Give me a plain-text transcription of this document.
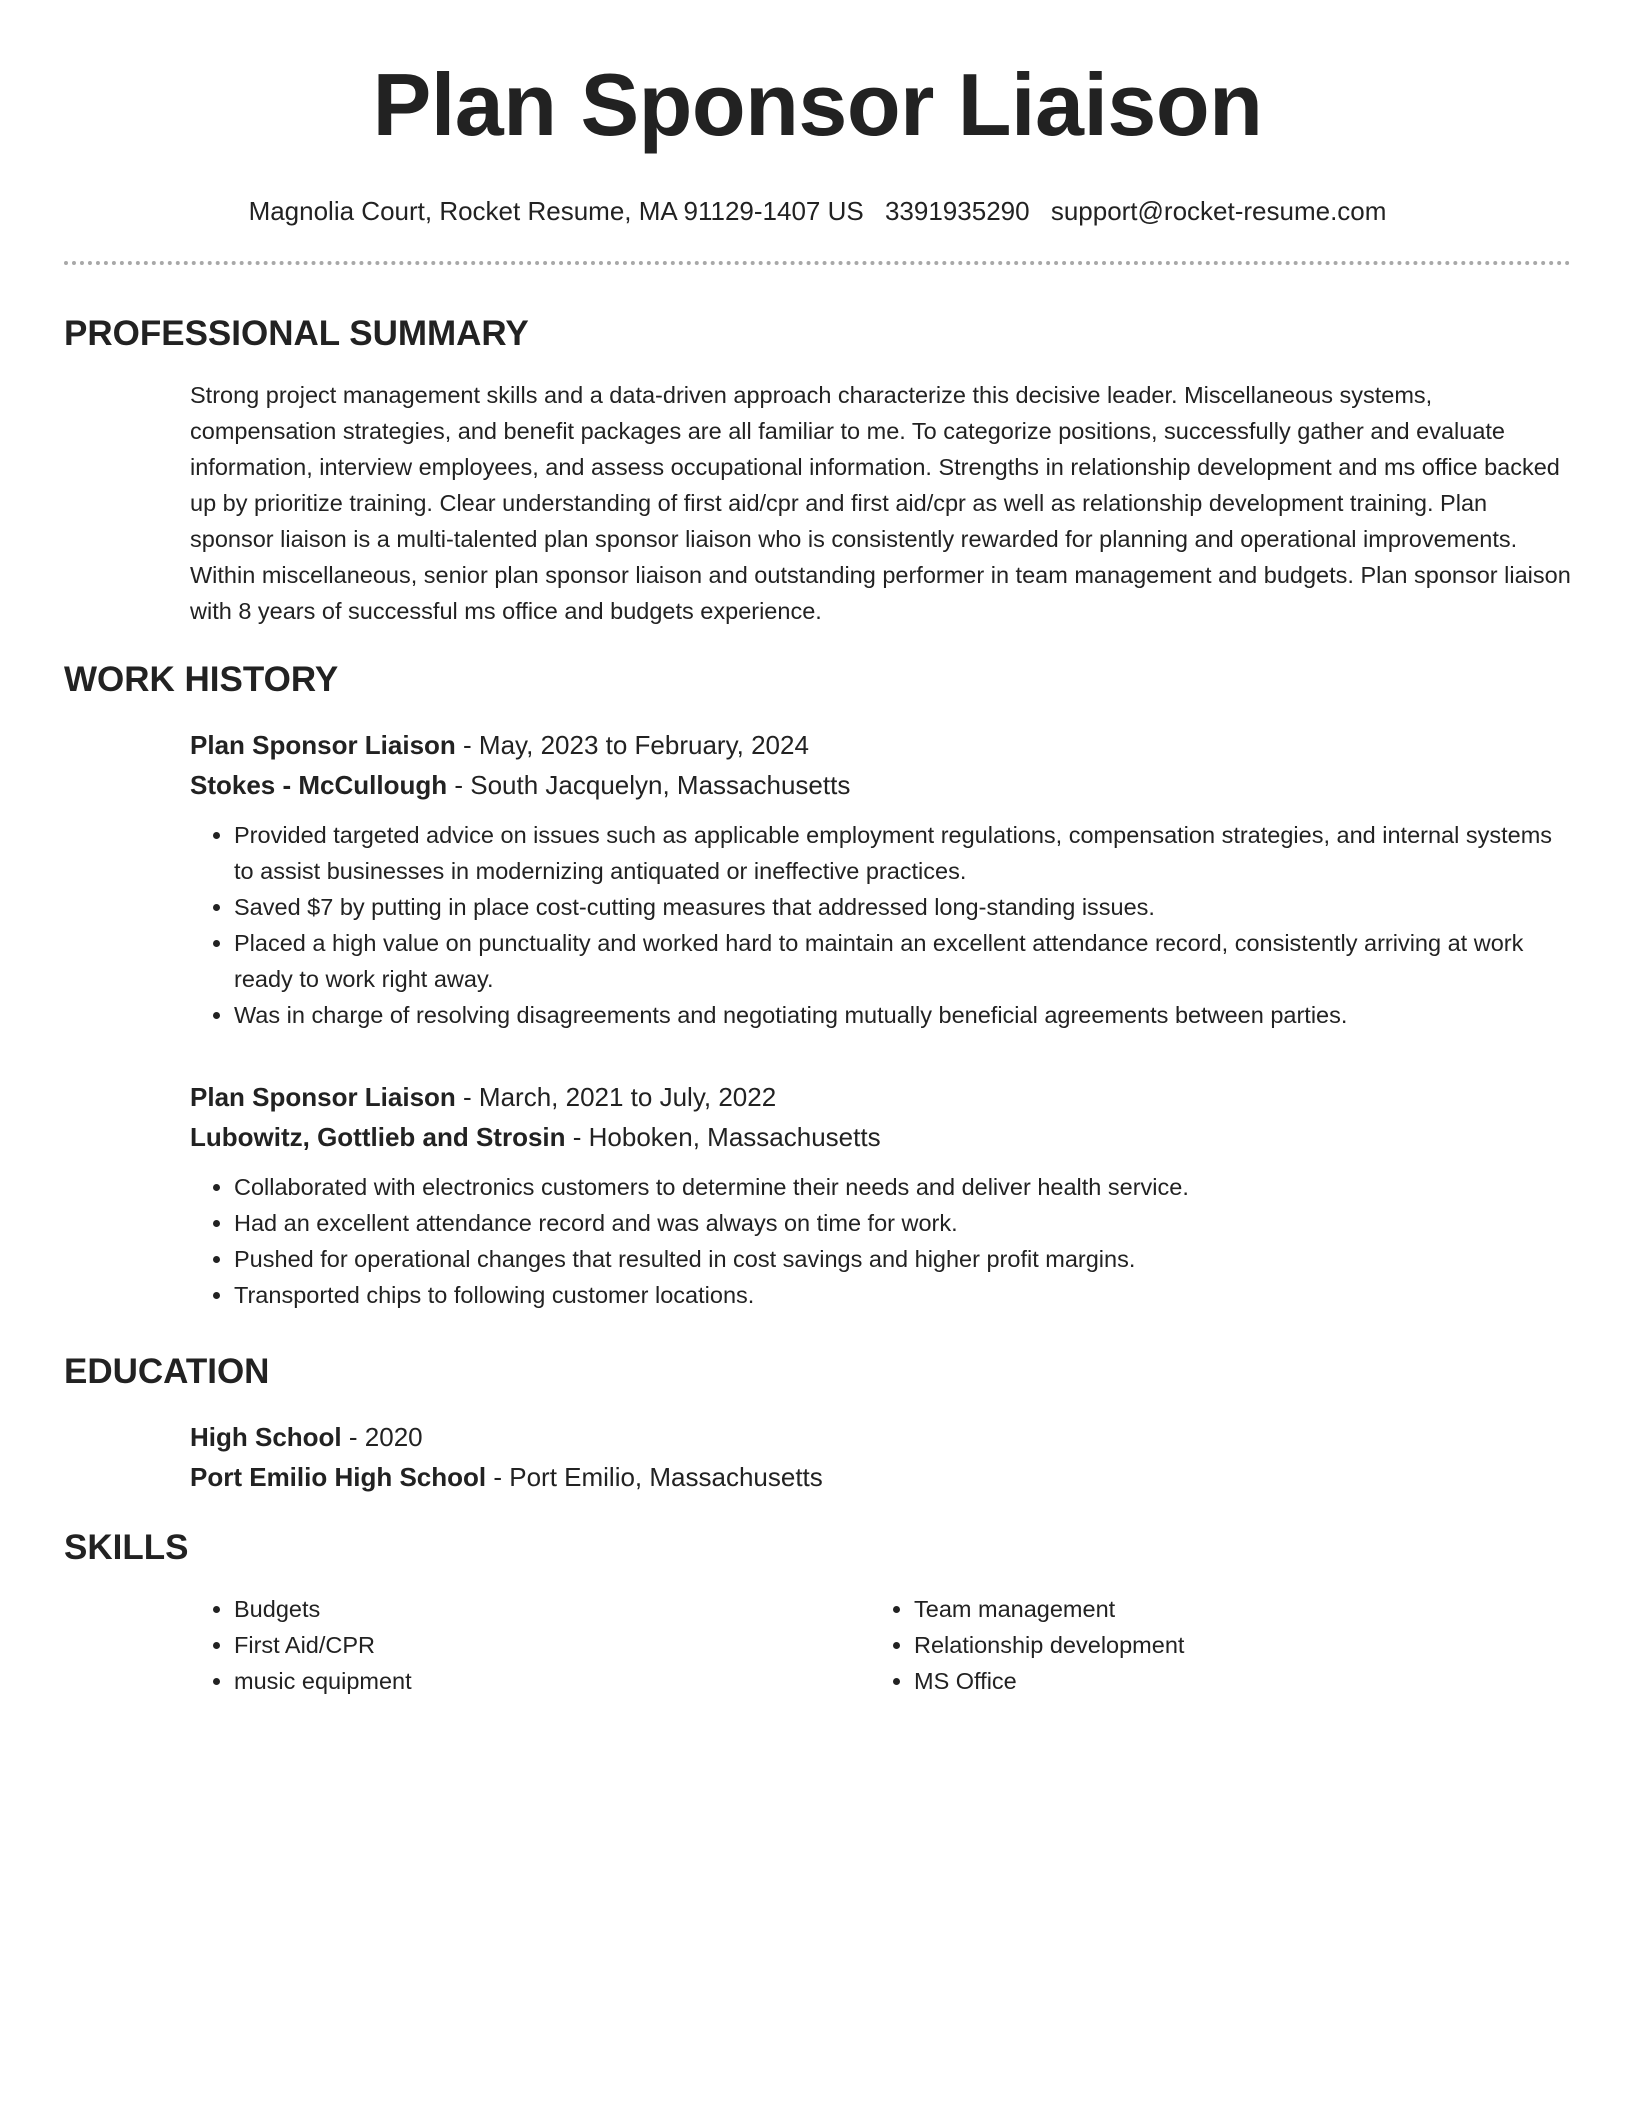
Plan Sponsor Liaison
Magnolia Court, Rocket Resume, MA 91129-1407 US 3391935290 support@rocket-resume.com
PROFESSIONAL SUMMARY
Strong project management skills and a data-driven approach characterize this decisive leader. Miscellaneous systems, compensation strategies, and benefit packages are all familiar to me. To categorize positions, successfully gather and evaluate information, interview employees, and assess occupational information. Strengths in relationship development and ms office backed up by prioritize training. Clear understanding of first aid/cpr and first aid/cpr as well as relationship development training. Plan sponsor liaison is a multi-talented plan sponsor liaison who is consistently rewarded for planning and operational improvements. Within miscellaneous, senior plan sponsor liaison and outstanding performer in team management and budgets. Plan sponsor liaison with 8 years of successful ms office and budgets experience.
WORK HISTORY
Plan Sponsor Liaison - May, 2023 to February, 2024
Stokes - McCullough - South Jacquelyn, Massachusetts
• Provided targeted advice on issues such as applicable employment regulations, compensation strategies, and internal systems to assist businesses in modernizing antiquated or ineffective practices.
• Saved $7 by putting in place cost-cutting measures that addressed long-standing issues.
• Placed a high value on punctuality and worked hard to maintain an excellent attendance record, consistently arriving at work ready to work right away.
• Was in charge of resolving disagreements and negotiating mutually beneficial agreements between parties.
Plan Sponsor Liaison - March, 2021 to July, 2022
Lubowitz, Gottlieb and Strosin - Hoboken, Massachusetts
• Collaborated with electronics customers to determine their needs and deliver health service.
• Had an excellent attendance record and was always on time for work.
• Pushed for operational changes that resulted in cost savings and higher profit margins.
• Transported chips to following customer locations.
EDUCATION
High School - 2020
Port Emilio High School - Port Emilio, Massachusetts
SKILLS
• Budgets
• First Aid/CPR
• music equipment
• Team management
• Relationship development
• MS Office
